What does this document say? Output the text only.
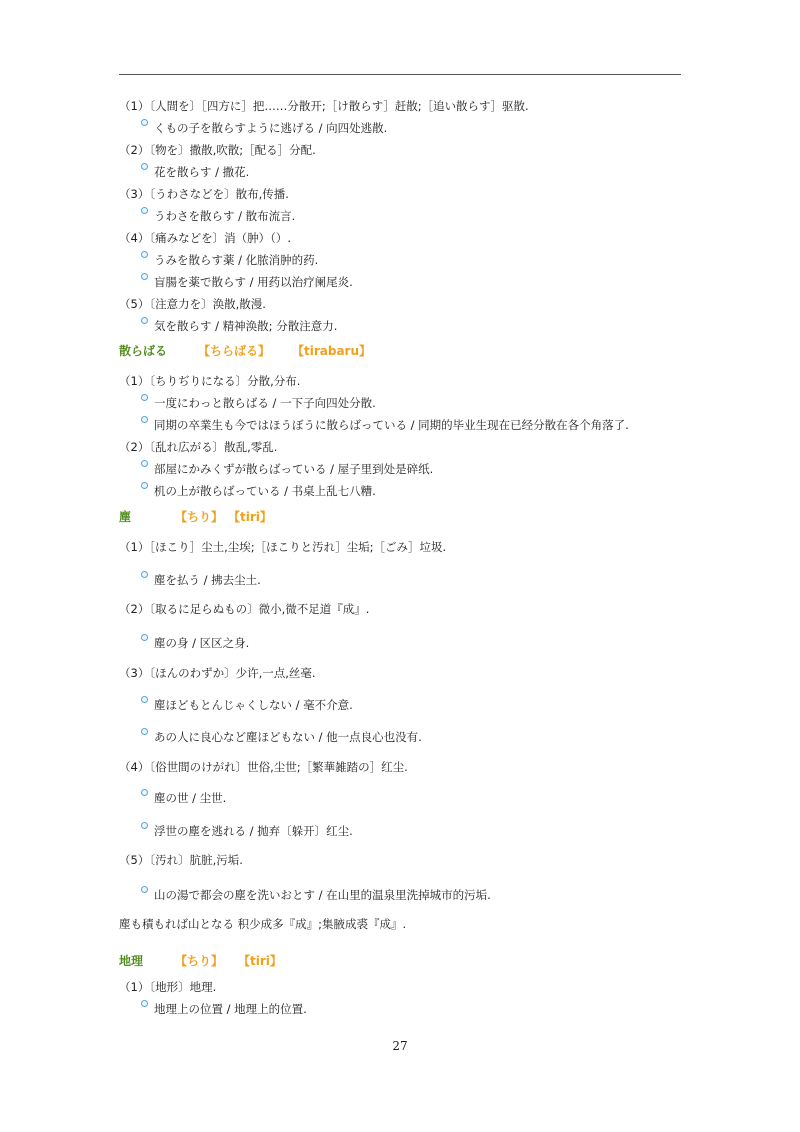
（1）〔人間を〕［四方に］把……分散开;［け散らす］赶散;［追い散らす］驱散.
くもの子を散らすように逃げる / 向四处逃散.
（2）〔物を〕撒散,吹散;［配る］分配.
花を散らす / 撒花.
（3）〔うわさなどを〕散布,传播.
うわさを散らす / 散布流言.
（4）〔痛みなどを〕消（肿）（）.
うみを散らす薬 / 化脓消肿的药.
盲腸を薬で散らす / 用药以治疗阑尾炎.
（5）〔注意力を〕涣散,散漫.
気を散らす / 精神涣散; 分散注意力.
散らばる	【ちらばる】 【tirabaru】
（1）〔ちりぢりになる〕分散,分布.
一度にわっと散らばる / 一下子向四处分散.
同期の卒業生も今ではほうぼうに散らばっている / 同期的毕业生现在已经分散在各个角落了.
（2）〔乱れ広がる〕散乱,零乱.
部屋にかみくずが散らばっている / 屋子里到处是碎纸.
机の上が散らばっている / 书桌上乱七八糟.
塵	【ちり】 【tiri】
（1）［ほこり］尘土,尘埃;［ほこりと汚れ］尘垢;［ごみ］垃圾.
塵を払う / 拂去尘土.
（2）〔取るに足らぬもの〕微小,微不足道『成』.
塵の身 / 区区之身.
（3）〔ほんのわずか〕少许,一点,丝毫.
塵ほどもとんじゃくしない / 毫不介意.
あの人に良心など塵ほどもない / 他一点良心也没有.
（4）〔俗世間のけがれ〕世俗,尘世;［繁華雑踏の］红尘.
塵の世 / 尘世.
浮世の塵を逃れる / 抛弃〔躲开〕红尘.
（5）〔汚れ〕肮脏,污垢.
山の湯で都会の塵を洗いおとす / 在山里的温泉里洗掉城市的污垢.
塵も積もれば山となる 积少成多『成』;集腋成裘『成』.
地理	【ちり】 【tiri】
（1）〔地形〕地理.
地理上の位置 / 地理上的位置.
27
